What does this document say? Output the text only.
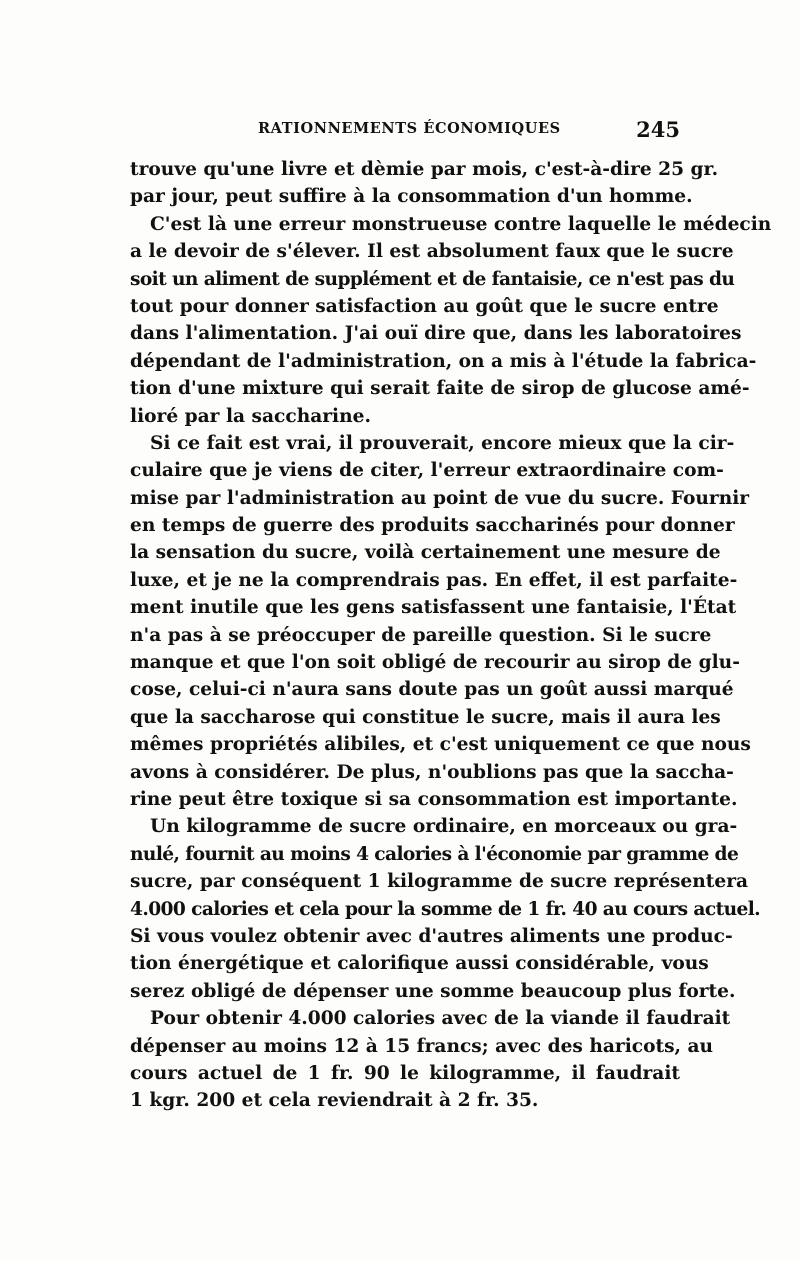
RATIONNEMENTS ÉCONOMIQUES	245
trouve qu'une livre et dèmie par mois, c'est-à-dire 25 gr.
par jour, peut suffire à la consommation d'un homme.
C'est là une erreur monstrueuse contre laquelle le médecin
a le devoir de s'élever. Il est absolument faux que le sucre
soit un aliment de supplément et de fantaisie, ce n'est pas du
tout pour donner satisfaction au goût que le sucre entre
dans l'alimentation. J'ai ouï dire que, dans les laboratoires
dépendant de l'administration, on a mis à l'étude la fabrica-
tion d'une mixture qui serait faite de sirop de glucose amé-
lioré par la saccharine.
Si ce fait est vrai, il prouverait, encore mieux que la cir-
culaire que je viens de citer, l'erreur extraordinaire com-
mise par l'administration au point de vue du sucre. Fournir
en temps de guerre des produits saccharinés pour donner
la sensation du sucre, voilà certainement une mesure de
luxe, et je ne la comprendrais pas. En effet, il est parfaite-
ment inutile que les gens satisfassent une fantaisie, l'État
n'a pas à se préoccuper de pareille question. Si le sucre
manque et que l'on soit obligé de recourir au sirop de glu-
cose, celui-ci n'aura sans doute pas un goût aussi marqué
que la saccharose qui constitue le sucre, mais il aura les
mêmes propriétés alibiles, et c'est uniquement ce que nous
avons à considérer. De plus, n'oublions pas que la saccha-
rine peut être toxique si sa consommation est importante.
Un kilogramme de sucre ordinaire, en morceaux ou gra-
nulé, fournit au moins 4 calories à l'économie par gramme de
sucre, par conséquent 1 kilogramme de sucre représentera
4.000 calories et cela pour la somme de 1 fr. 40 au cours actuel.
Si vous voulez obtenir avec d'autres aliments une produc-
tion énergétique et calorifique aussi considérable, vous
serez obligé de dépenser une somme beaucoup plus forte.
Pour obtenir 4.000 calories avec de la viande il faudrait
dépenser au moins 12 à 15 francs; avec des haricots, au
cours actuel de 1 fr. 90 le kilogramme, il faudrait
1 kgr. 200 et cela reviendrait à 2 fr. 35.
